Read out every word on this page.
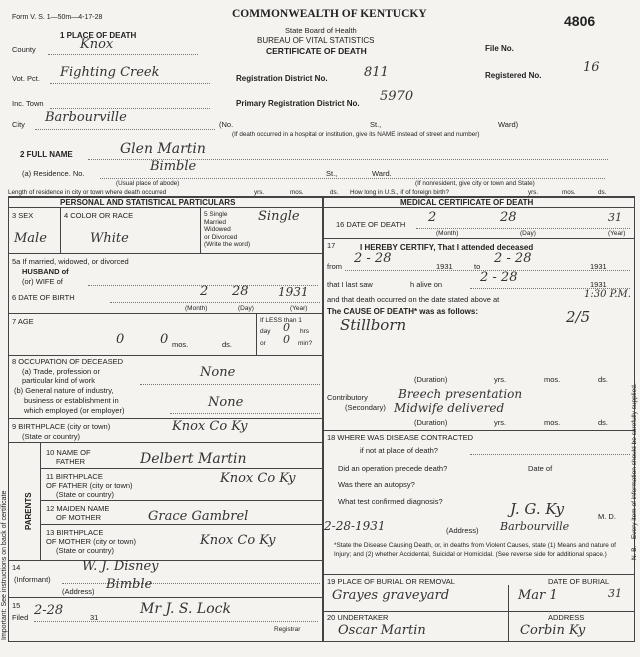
Form V. S. 1—50m—4-17-28
1 PLACE OF DEATH
COMMONWEALTH OF KENTUCKY
State Board of Health
BUREAU OF VITAL STATISTICS
CERTIFICATE OF DEATH	File No.
4806
Registered No.
16
County	Knox
Vot. Pct. Fighting Creek	Registration District No.	811
Inc. Town	Primary Registration District No. 5970
City Barbourville	(No.	St.,	Ward)
(If death occurred in a hospital or institution, give its NAME instead of street and number)
2 FULL NAME	Glen Martin
(a) Residence. No.	Bimble	St.,	Ward.
(Usual place of abode)	(If nonresident, give city or town and State)
Length of residence in city or town where death occurred	yrs.	mos.	ds. How long in U.S., if of foreign birth?	yrs.	mos.	ds.
PERSONAL AND STATISTICAL PARTICULARS	MEDICAL CERTIFICATE OF DEATH
3 SEX
Male
4 COLOR OR RACE
White
5 Single
Married
Widowed
or Divorced
(Write the word)
Single
5a If married, widowed, or divorced
HUSBAND of
(or) WIFE of
6 DATE OF BIRTH	2 28 1931
(Month)	(Day)	(Year)
7 AGE
0	0 mos.	ds.
If LESS than 1
day 0 hrs
or 0 min?
8 OCCUPATION OF DECEASED
(a) Trade, profession or
particular kind of work
None
(b) General nature of industry,
business or establishment in
which employed (or employer)
None
9 BIRTHPLACE (city or town)
(State or country)
Knox Co Ky
PARENTS
10 NAME OF
FATHER	Delbert Martin
11 BIRTHPLACE
OF FATHER (city or town)
(State or country)
Knox Co Ky
12 MAIDEN NAME
OF MOTHER	Grace Gambrel
13 BIRTHPLACE
OF MOTHER (city or town)
(State or country)
Knox Co Ky
14
(Informant)
W. J. Disney
(Address) Bimble
15
Filed 2-28	31
Mr J. S. Lock
Registrar
16 DATE OF DEATH 2	28	31
(Month)	(Day)	(Year)
17	I HEREBY CERTIFY, That I attended deceased
from
2 - 28
1931	to
2 - 28
1931
that I last saw	h alive on	2 - 28	1931
and that death occurred on the date stated above at	1:30 P.M.
The CAUSE OF DEATH* was as follows:
Stillborn	2/5
(Duration)	yrs.	mos.	ds.
Contributory
(Secondary)
Breech presentation
Midwife delivered
(Duration)	yrs.	mos.	ds.
18 WHERE WAS DISEASE CONTRACTED
if not at place of death?
Did an operation precede death?	Date of
Was there an autopsy?
What test confirmed diagnosis?
2-28-1931	(Address)
J. G. Ky	M. D.
Barbourville
*State the Disease Causing Death, or, in deaths from Violent Causes, state (1) Means and nature of Injury; and (2) whether Accidental, Suicidal or Homicidal. (See reverse side for additional space.)
19 PLACE OF BURIAL OR REMOVAL	DATE OF BURIAL
Grayes graveyard	Mar 1	31
20 UNDERTAKER	ADDRESS
Oscar Martin	Corbin Ky
Important: See instructions on back of certificate
N. B.—Every item of information should be carefully supplied.
